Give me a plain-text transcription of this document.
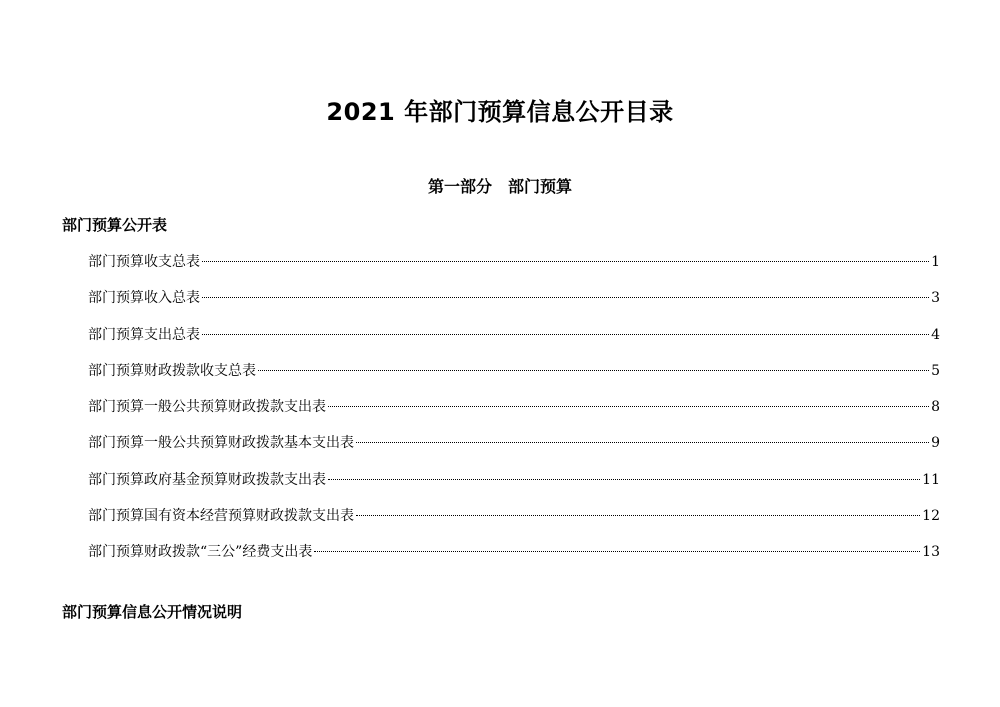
2021 年部门预算信息公开目录
第一部分　部门预算
部门预算公开表
部门预算收支总表	1
部门预算收入总表	3
部门预算支出总表	4
部门预算财政拨款收支总表	5
部门预算一般公共预算财政拨款支出表	8
部门预算一般公共预算财政拨款基本支出表	9
部门预算政府基金预算财政拨款支出表	11
部门预算国有资本经营预算财政拨款支出表	12
部门预算财政拨款“三公”经费支出表	13
部门预算信息公开情况说明
